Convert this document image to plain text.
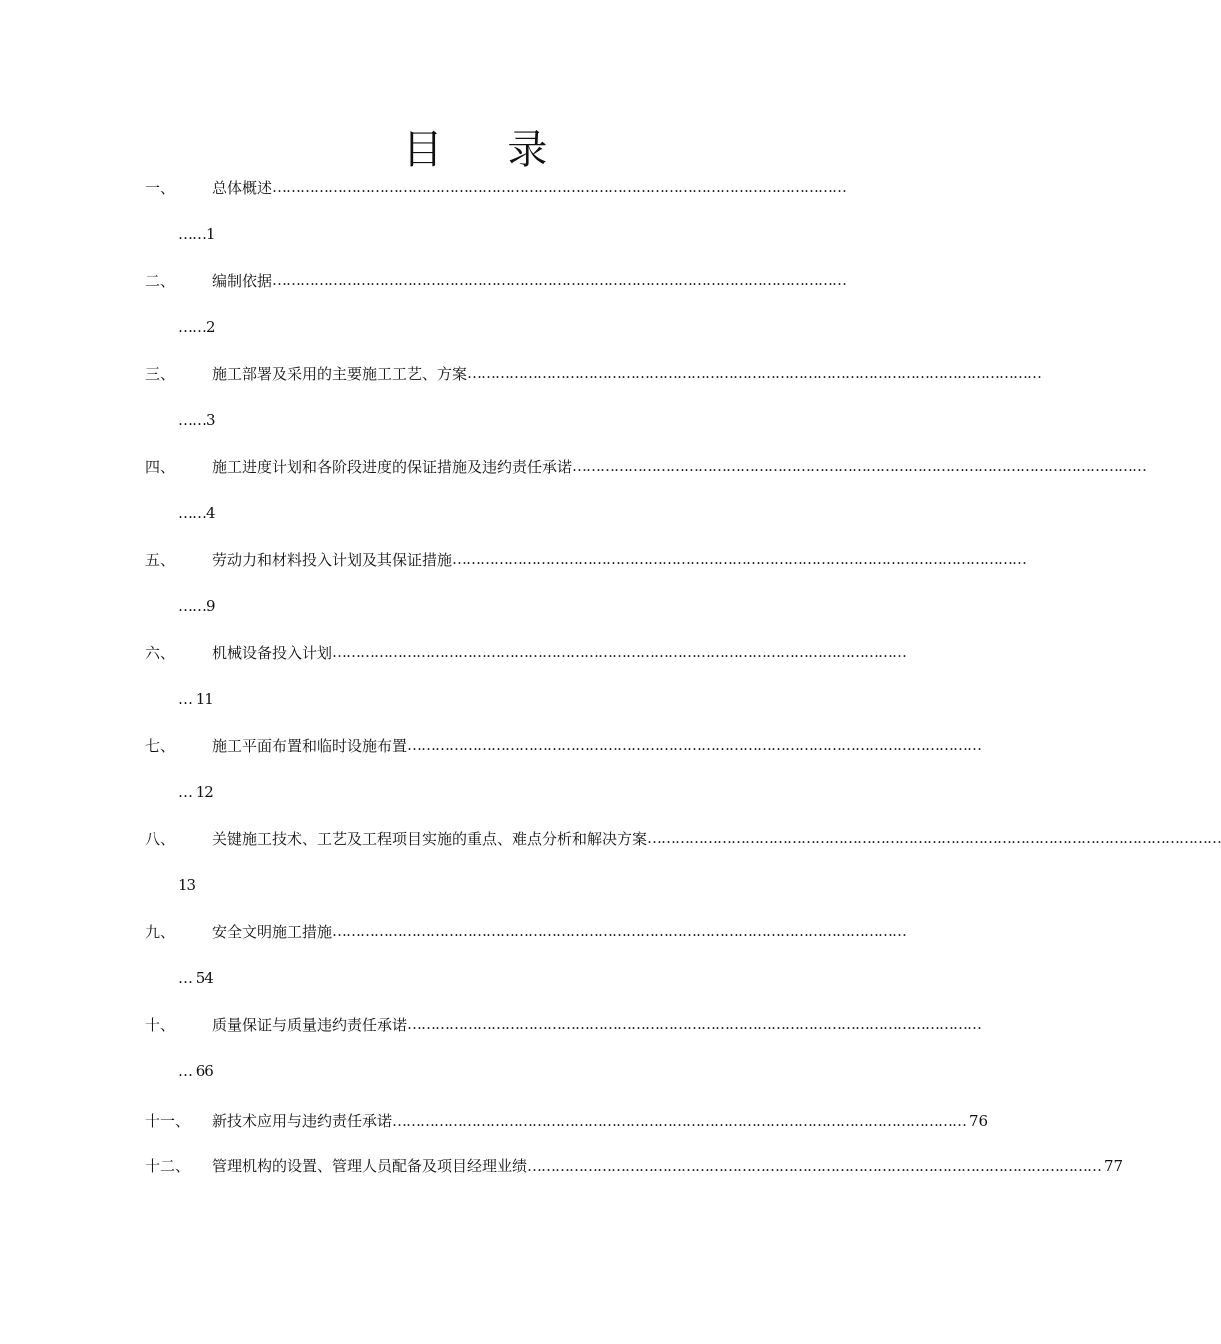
目 录
一、	总体概述 ……………………………………………………………………………………………………………
……1
二、	编制依据 ……………………………………………………………………………………………………………
……2
三、	施工部署及采用的主要施工工艺、方案 ……………………………………………………………………………………………………………
……3
四、	施工进度计划和各阶段进度的保证措施及违约责任承诺 ……………………………………………………………………………………………………………
……4
五、	劳动力和材料投入计划及其保证措施 ……………………………………………………………………………………………………………
……9
六、	机械设备投入计划 ……………………………………………………………………………………………………………
… 11
七、	施工平面布置和临时设施布置 ……………………………………………………………………………………………………………
… 12
八、	关键施工技术、工艺及工程项目实施的重点、难点分析和解决方案 ……………………………………………………………………………………………………………
13
九、	安全文明施工措施 ……………………………………………………………………………………………………………
… 54
十、	质量保证与质量违约责任承诺 ……………………………………………………………………………………………………………
… 66
十一、	新技术应用与违约责任承诺 …………………………………………………………………………………………………………… 76
十二、	管理机构的设置、管理人员配备及项目经理业绩 …………………………………………………………………………………………………………… 77
